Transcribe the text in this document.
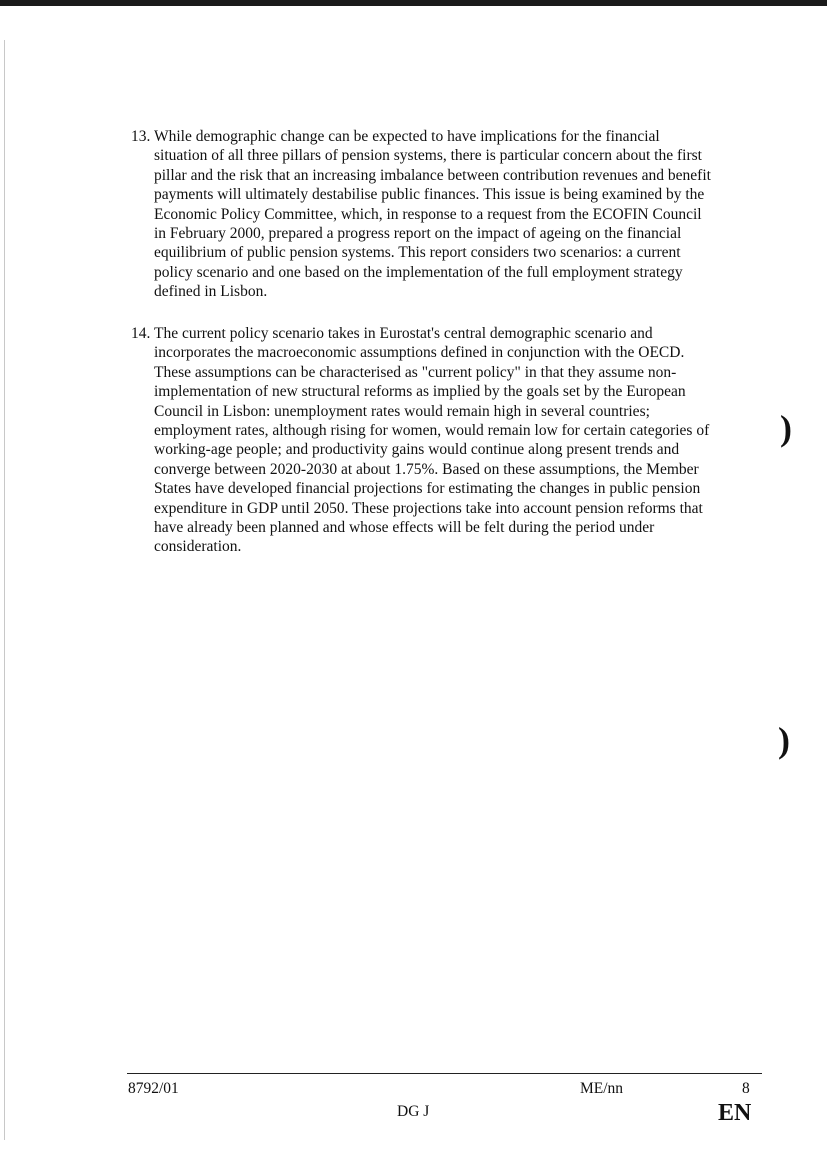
)
)
13. While demographic change can be expected to have implications for the financial situation of all three pillars of pension systems, there is particular concern about the first pillar and the risk that an increasing imbalance between contribution revenues and benefit payments will ultimately destabilise public finances. This issue is being examined by the Economic Policy Committee, which, in response to a request from the ECOFIN Council in February 2000, prepared a progress report on the impact of ageing on the financial equilibrium of public pension systems. This report considers two scenarios: a current policy scenario and one based on the implementation of the full employment strategy defined in Lisbon.
14. The current policy scenario takes in Eurostat's central demographic scenario and incorporates the macroeconomic assumptions defined in conjunction with the OECD. These assumptions can be characterised as "current policy" in that they assume non-implementation of new structural reforms as implied by the goals set by the European Council in Lisbon: unemployment rates would remain high in several countries; employment rates, although rising for women, would remain low for certain categories of working-age people; and productivity gains would continue along present trends and converge between 2020-2030 at about 1.75%. Based on these assumptions, the Member States have developed financial projections for estimating the changes in public pension expenditure in GDP until 2050. These projections take into account pension reforms that have already been planned and whose effects will be felt during the period under consideration.
8792/01	ME/nn	8
DG J	EN
